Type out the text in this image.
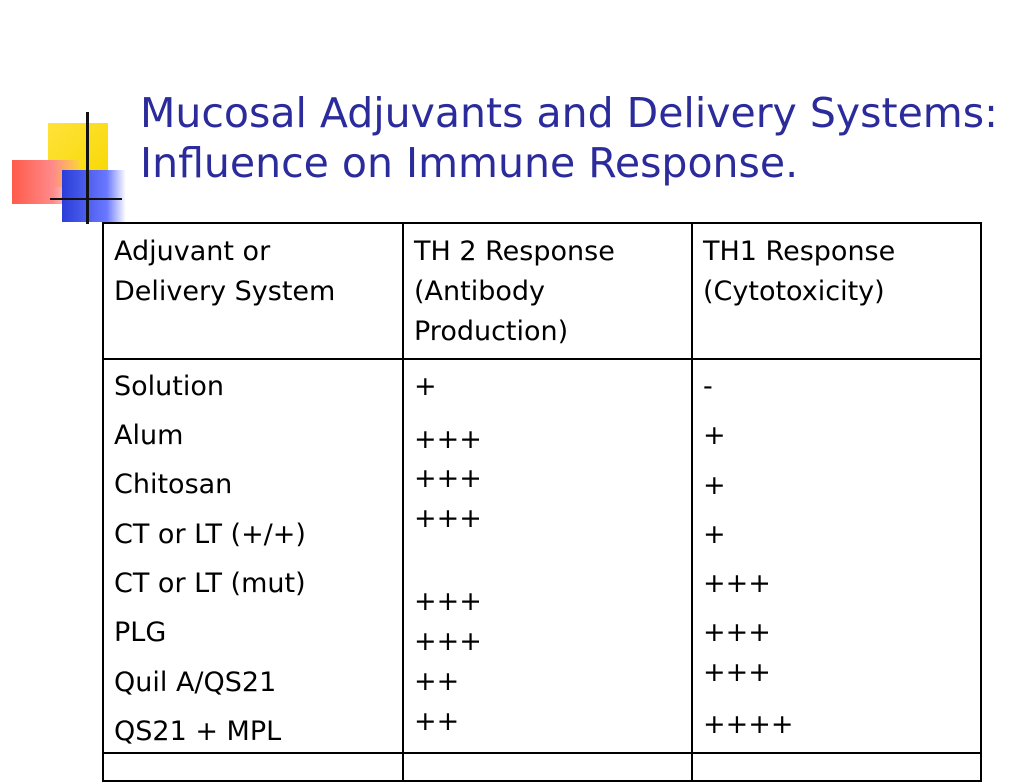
Mucosal Adjuvants and Delivery Systems:
Influence on Immune Response.
Adjuvant or
Delivery System
TH 2 Response
(Antibody
Production)
TH1 Response
(Cytotoxicity)
Solution
Alum
Chitosan
CT or LT (+/+)
CT or LT (mut)
PLG
Quil A/QS21
QS21 + MPL
+
+++
+++
+++
+++
+++
++
++
-
+
+
+
+++
+++
+++
++++
